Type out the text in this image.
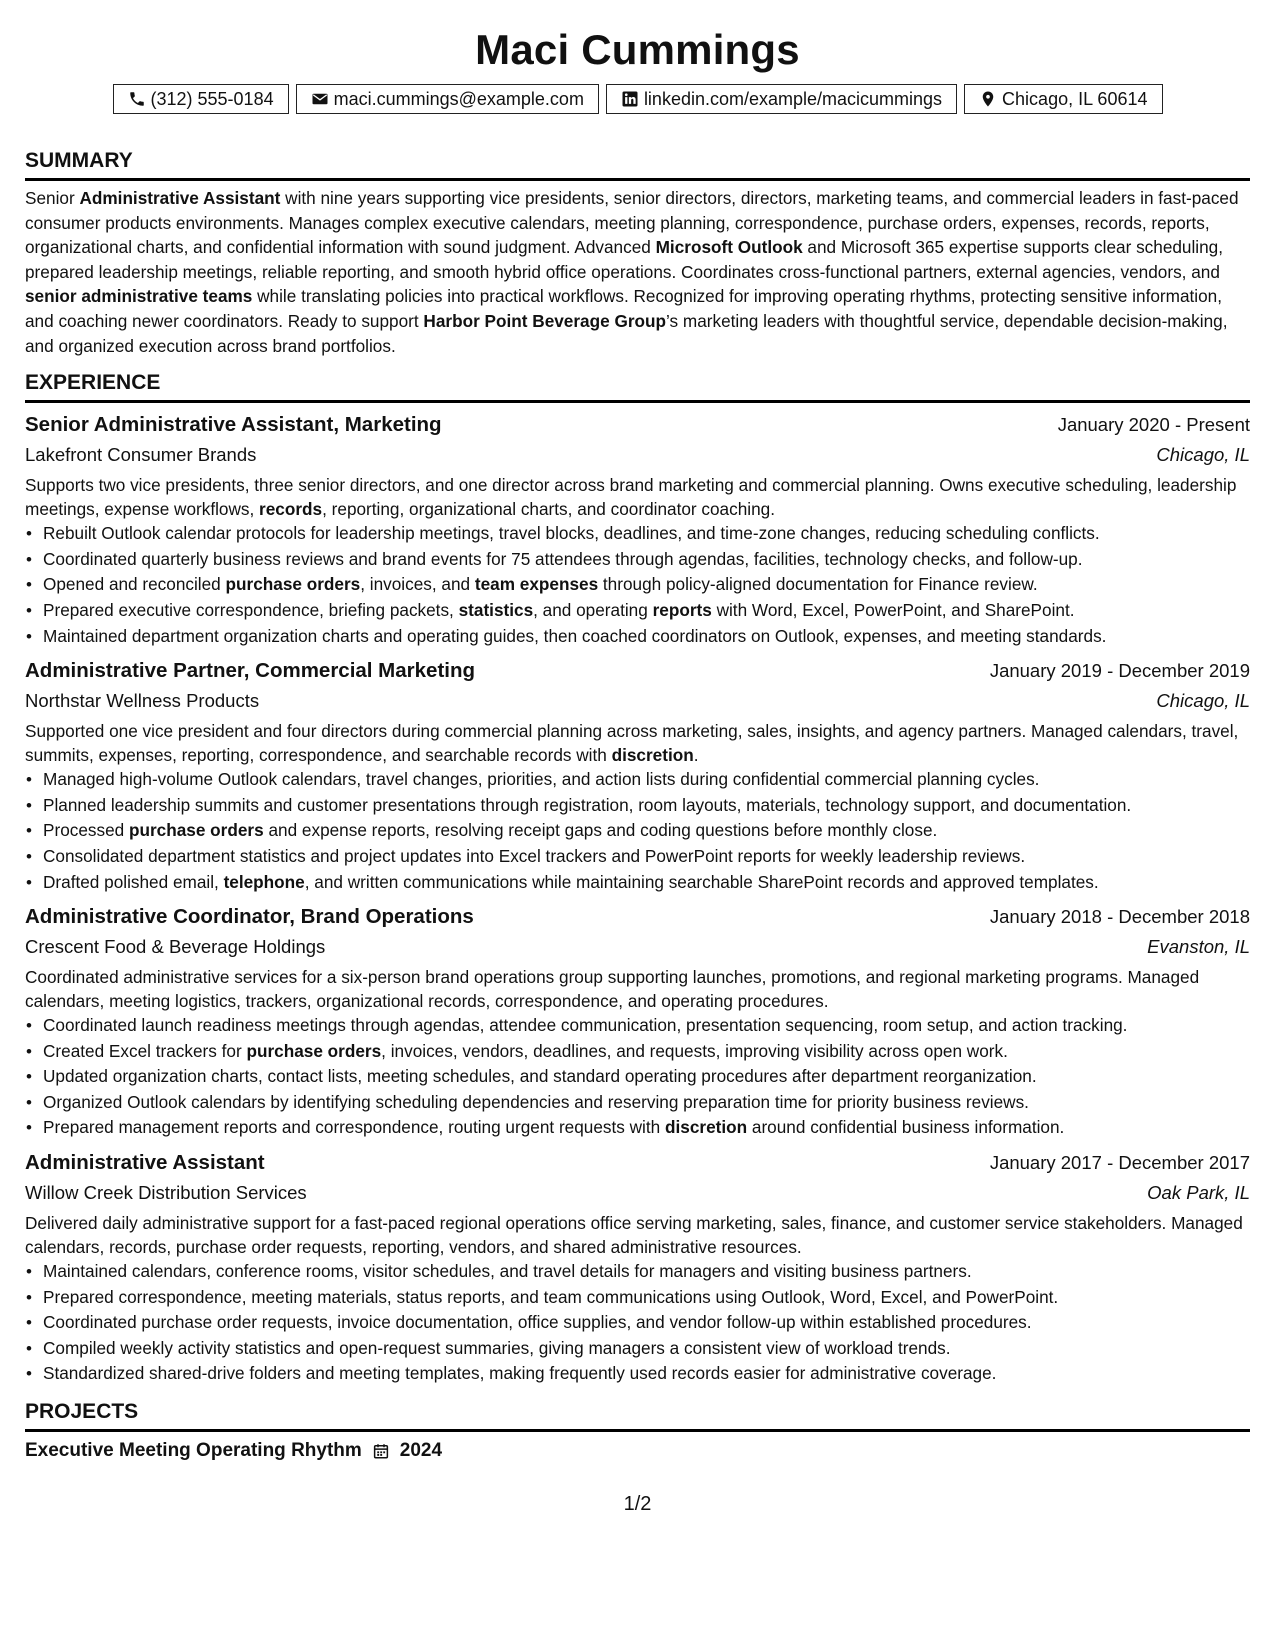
Maci Cummings
(312) 555-0184	maci.cummings@example.com	linkedin.com/example/macicummings	Chicago, IL 60614
SUMMARY

Senior Administrative Assistant with nine years supporting vice presidents, senior directors, directors, marketing teams, and commercial leaders in fast-paced consumer products environments. Manages complex executive calendars, meeting planning, correspondence, purchase orders, expenses, records, reports, organizational charts, and confidential information with sound judgment. Advanced Microsoft Outlook and Microsoft 365 expertise supports clear scheduling, prepared leadership meetings, reliable reporting, and smooth hybrid office operations. Coordinates cross-functional partners, external agencies, vendors, and senior administrative teams while translating policies into practical workflows. Recognized for improving operating rhythms, protecting sensitive information, and coaching newer coordinators. Ready to support Harbor Point Beverage Group’s marketing leaders with thoughtful service, dependable decision-making, and organized execution across brand portfolios.

EXPERIENCE
Senior Administrative Assistant, Marketing	January 2020 - Present
Lakefront Consumer Brands	Chicago, IL

Supports two vice presidents, three senior directors, and one director across brand marketing and commercial planning. Owns executive scheduling, leadership meetings, expense workflows, records, reporting, organizational charts, and coordinator coaching.

• Rebuilt Outlook calendar protocols for leadership meetings, travel blocks, deadlines, and time-zone changes, reducing scheduling conflicts.
• Coordinated quarterly business reviews and brand events for 75 attendees through agendas, facilities, technology checks, and follow-up.
• Opened and reconciled purchase orders, invoices, and team expenses through policy-aligned documentation for Finance review.
• Prepared executive correspondence, briefing packets, statistics, and operating reports with Word, Excel, PowerPoint, and SharePoint.
• Maintained department organization charts and operating guides, then coached coordinators on Outlook, expenses, and meeting standards.
Administrative Partner, Commercial Marketing	January 2019 - December 2019
Northstar Wellness Products	Chicago, IL

Supported one vice president and four directors during commercial planning across marketing, sales, insights, and agency partners. Managed calendars, travel, summits, expenses, reporting, correspondence, and searchable records with discretion.

• Managed high-volume Outlook calendars, travel changes, priorities, and action lists during confidential commercial planning cycles.
• Planned leadership summits and customer presentations through registration, room layouts, materials, technology support, and documentation.
• Processed purchase orders and expense reports, resolving receipt gaps and coding questions before monthly close.
• Consolidated department statistics and project updates into Excel trackers and PowerPoint reports for weekly leadership reviews.
• Drafted polished email, telephone, and written communications while maintaining searchable SharePoint records and approved templates.
Administrative Coordinator, Brand Operations	January 2018 - December 2018
Crescent Food & Beverage Holdings	Evanston, IL

Coordinated administrative services for a six-person brand operations group supporting launches, promotions, and regional marketing programs. Managed calendars, meeting logistics, trackers, organizational records, correspondence, and operating procedures.

• Coordinated launch readiness meetings through agendas, attendee communication, presentation sequencing, room setup, and action tracking.
• Created Excel trackers for purchase orders, invoices, vendors, deadlines, and requests, improving visibility across open work.
• Updated organization charts, contact lists, meeting schedules, and standard operating procedures after department reorganization.
• Organized Outlook calendars by identifying scheduling dependencies and reserving preparation time for priority business reviews.
• Prepared management reports and correspondence, routing urgent requests with discretion around confidential business information.
Administrative Assistant	January 2017 - December 2017
Willow Creek Distribution Services	Oak Park, IL

Delivered daily administrative support for a fast-paced regional operations office serving marketing, sales, finance, and customer service stakeholders. Managed calendars, records, purchase order requests, reporting, vendors, and shared administrative resources.

• Maintained calendars, conference rooms, visitor schedules, and travel details for managers and visiting business partners.
• Prepared correspondence, meeting materials, status reports, and team communications using Outlook, Word, Excel, and PowerPoint.
• Coordinated purchase order requests, invoice documentation, office supplies, and vendor follow-up within established procedures.
• Compiled weekly activity statistics and open-request summaries, giving managers a consistent view of workload trends.
• Standardized shared-drive folders and meeting templates, making frequently used records easier for administrative coverage.
PROJECTS
Executive Meeting Operating Rhythm 2024
1/2
